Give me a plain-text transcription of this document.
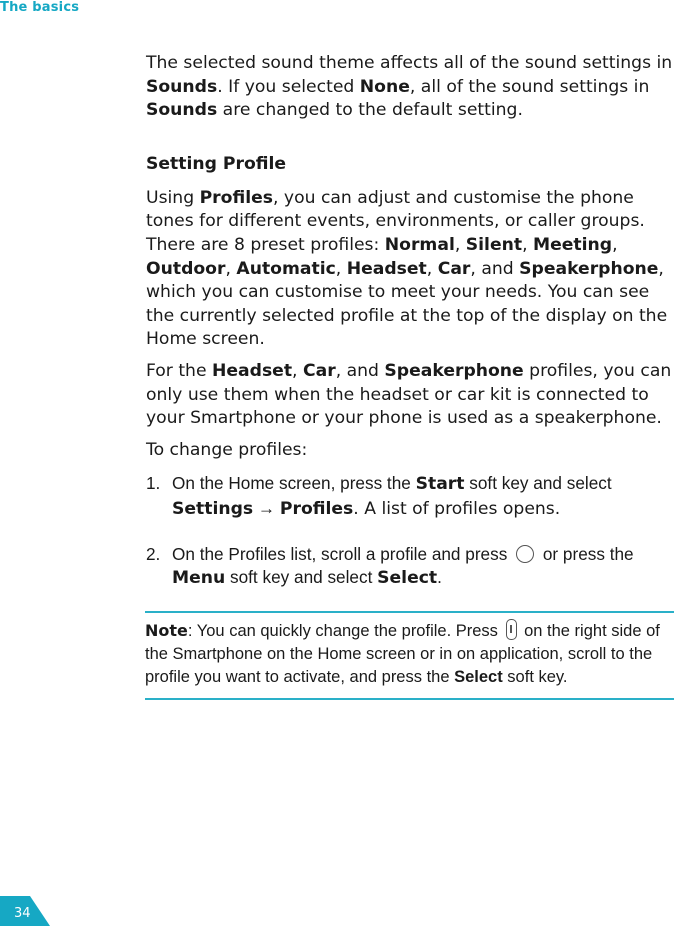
The basics

The selected sound theme affects all of the sound settings in Sounds. If you selected None, all of the sound settings in Sounds are changed to the default setting.

Setting Profile

Using Profiles, you can adjust and customise the phone tones for different events, environments, or caller groups. There are 8 preset profiles: Normal, Silent, Meeting, Outdoor, Automatic, Headset, Car, and Speakerphone, which you can customise to meet your needs. You can see the currently selected profile at the top of the display on the Home screen.

For the Headset, Car, and Speakerphone profiles, you can only use them when the headset or car kit is connected to your Smartphone or your phone is used as a speakerphone.

To change profiles:

1. On the Home screen, press the Start soft key and select Settings → Profiles. A list of profiles opens.
2. On the Profiles list, scroll a profile and press  or press the Menu soft key and select Select.
Note: You can quickly change the profile. Press  on the right side of the Smartphone on the Home screen or in on application, scroll to the profile you want to activate, and press the Select soft key.
34
